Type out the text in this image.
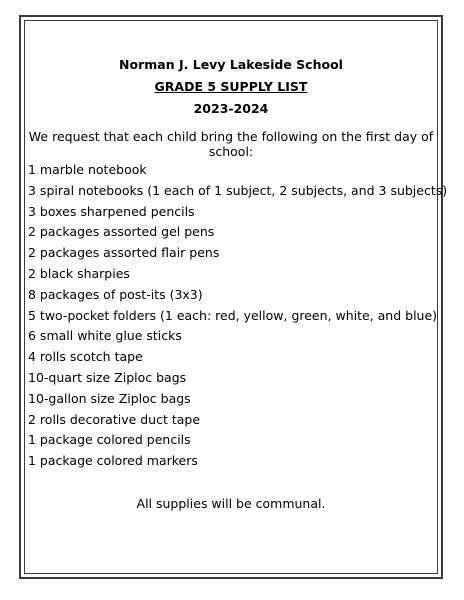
Norman J. Levy Lakeside School

GRADE 5 SUPPLY LIST

2023-2024

We request that each child bring the following on the first day of school:

1 marble notebook
3 spiral notebooks (1 each of 1 subject, 2 subjects, and 3 subjects)
3 boxes sharpened pencils
2 packages assorted gel pens
2 packages assorted flair pens
2 black sharpies
8 packages of post-its (3x3)
5 two-pocket folders (1 each: red, yellow, green, white, and blue)
6 small white glue sticks
4 rolls scotch tape
10-quart size Ziploc bags
10-gallon size Ziploc bags
2 rolls decorative duct tape
1 package colored pencils
1 package colored markers

All supplies will be communal.
